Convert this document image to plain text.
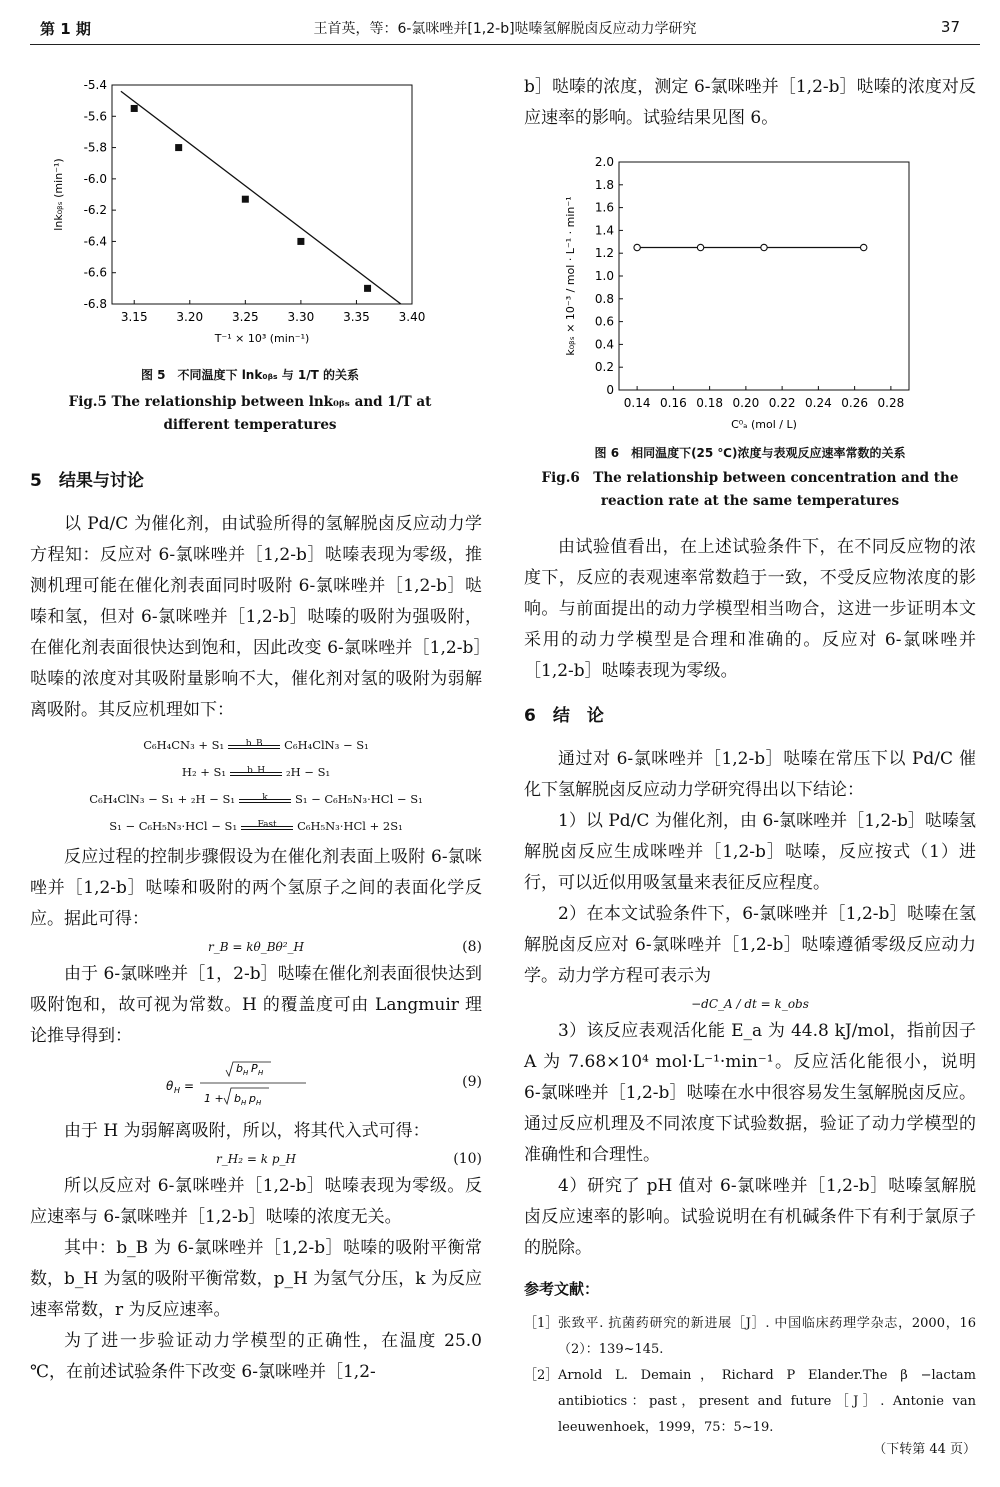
第 1 期	王首英，等：6-氯咪唑并[1,2-b]哒嗪氢解脱卤反应动力学研究	37
3.15 3.20 3.25 3.30 3.35 3.40
-5.4
-5.6
-5.8
-6.0
-6.2
-6.4
-6.6
-6.8
T⁻¹ × 10³ (min⁻¹)
lnk₀ᵦₛ (min⁻¹)
图 5　不同温度下 lnk₀ᵦₛ 与 1/T 的关系
Fig.5 The relationship between lnk₀ᵦₛ and 1/T at
different temperatures
5　结果与讨论

以 Pd/C 为催化剂，由试验所得的氢解脱卤反应动力学方程知：反应对 6-氯咪唑并［1,2-b］哒嗪表现为零级，推测机理可能在催化剂表面同时吸附 6-氯咪唑并［1,2-b］哒嗪和氢，但对 6-氯咪唑并［1,2-b］哒嗪的吸附为强吸附，在催化剂表面很快达到饱和，因此改变 6-氯咪唑并［1,2-b］哒嗪的浓度对其吸附量影响不大，催化剂对氢的吸附为弱解离吸附。其反应机理如下：

C₆H₄CN₃ + S₁	b_B	C₆H₄ClN₃ − S₁
H₂ + S₁	b_H	₂H − S₁
C₆H₄ClN₃ − S₁ + ₂H − S₁	k	S₁ − C₆H₅N₃·HCl − S₁
S₁ − C₆H₅N₃·HCl − S₁	Fast	C₆H₅N₃·HCl + 2S₁

反应过程的控制步骤假设为在催化剂表面上吸附 6-氯咪唑并［1,2-b］哒嗪和吸附的两个氢原子之间的表面化学反应。据此可得：

r_B = kθ_Bθ²_H	(8)

由于 6-氯咪唑并［1，2-b］哒嗪在催化剂表面很快达到吸附饱和，故可视为常数。H 的覆盖度可由 Langmuir 理论推导得到：

θ H =
b H P H
1 + b H p H
(9)

由于 H 为弱解离吸附，所以，将其代入式可得：

r_H₂ = k p_H	(10)

所以反应对 6-氯咪唑并［1,2-b］哒嗪表现为零级。反应速率与 6-氯咪唑并［1,2-b］哒嗪的浓度无关。

其中：b_B 为 6-氯咪唑并［1,2-b］哒嗪的吸附平衡常数，b_H 为氢的吸附平衡常数，p_H 为氢气分压，k 为反应速率常数，r 为反应速率。

为了进一步验证动力学模型的正确性，在温度 25.0 ℃，在前述试验条件下改变 6-氯咪唑并［1,2-

b］哒嗪的浓度，测定 6-氯咪唑并［1,2-b］哒嗪的浓度对反应速率的影响。试验结果见图 6。

0.14 0.16 0.18 0.20 0.22 0.24 0.26 0.28
0
0.2
0.4
0.6
0.8
1.0
1.2
1.4
1.6
1.8
2.0
C⁰ₐ (mol / L)
k₀ᵦₛ × 10⁻³ / mol · L⁻¹ · min⁻¹
图 6　相同温度下(25 ℃)浓度与表观反应速率常数的关系
Fig.6　The relationship between concentration and the
reaction rate at the same temperatures

由试验值看出，在上述试验条件下，在不同反应物的浓度下，反应的表观速率常数趋于一致，不受反应物浓度的影响。与前面提出的动力学模型相当吻合，这进一步证明本文采用的动力学模型是合理和准确的。反应对 6-氯咪唑并［1,2-b］哒嗪表现为零级。

6　结　论

通过对 6-氯咪唑并［1,2-b］哒嗪在常压下以 Pd/C 催化下氢解脱卤反应动力学研究得出以下结论：

1）以 Pd/C 为催化剂，由 6-氯咪唑并［1,2-b］哒嗪氢解脱卤反应生成咪唑并［1,2-b］哒嗪，反应按式（1）进行，可以近似用吸氢量来表征反应程度。

2）在本文试验条件下，6-氯咪唑并［1,2-b］哒嗪在氢解脱卤反应对 6-氯咪唑并［1,2-b］哒嗪遵循零级反应动力学。动力学方程可表示为

−dC_A / dt = k_obs

3）该反应表观活化能 E_a 为 44.8 kJ/mol，指前因子 A 为 7.68×10⁴ mol·L⁻¹·min⁻¹。反应活化能很小，说明 6-氯咪唑并［1,2-b］哒嗪在水中很容易发生氢解脱卤反应。通过反应机理及不同浓度下试验数据，验证了动力学模型的准确性和合理性。

4）研究了 pH 值对 6-氯咪唑并［1,2-b］哒嗪氢解脱卤反应速率的影响。试验说明在有机碱条件下有利于氯原子的脱除。

参考文献：
［1］ 张致平. 抗菌药研究的新进展［J］. 中国临床药理学杂志，2000，16（2）：139~145.
［2］ Arnold L. Demain，Richard P Elander.The β −lactam antibiotics：past，present and future［J］. Antonie van leeuwenhoek，1999，75：5~19.
（下转第 44 页）
